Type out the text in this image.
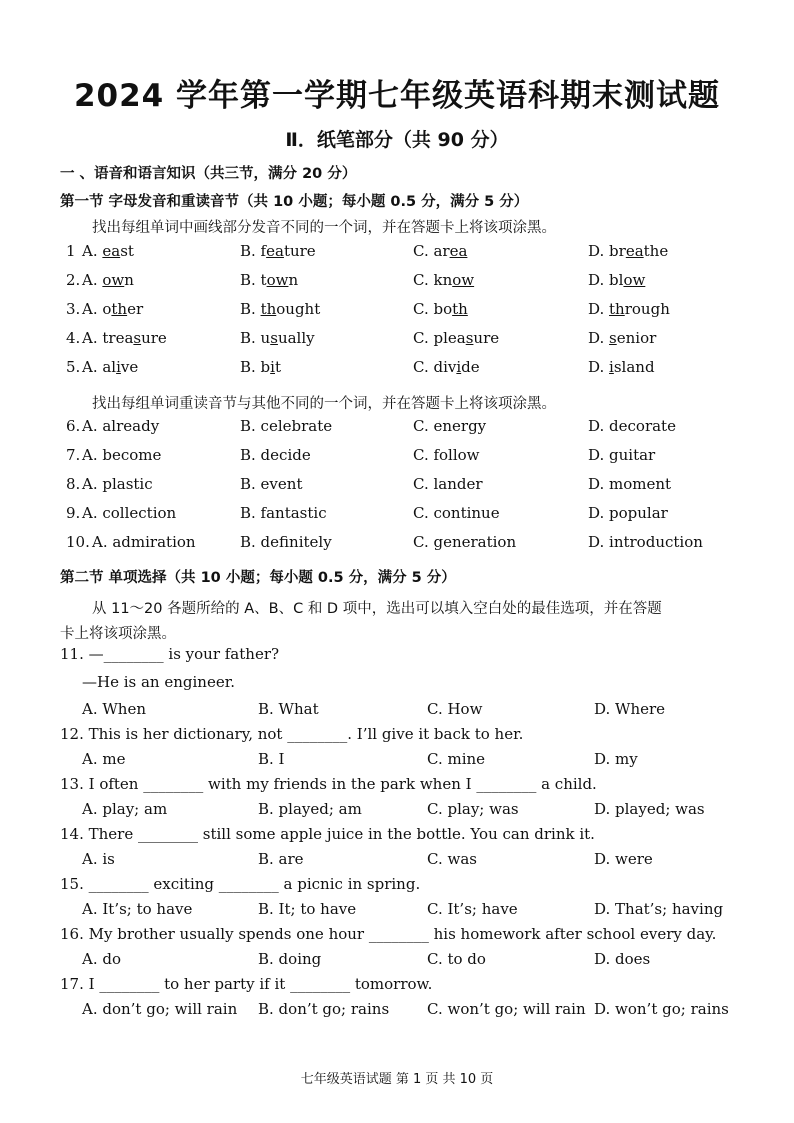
2024 学年第一学期七年级英语科期末测试题
Ⅱ．纸笔部分（共 90 分）
一 、语音和语言知识（共三节，满分 20 分）
第一节 字母发音和重读音节（共 10 小题；每小题 0.5 分，满分 5 分）
找出每组单词中画线部分发音不同的一个词，并在答题卡上将该项涂黑。
1 A. east	B. feature	C. area	D. breathe
2. A. own	B. town	C. know	D. blow
3. A. other	B. thought	C. both	D. through
4. A. treasure	B. usually	C. pleasure	D. senior
5. A. alive	B. bit	C. divide	D. island
找出每组单词重读音节与其他不同的一个词，并在答题卡上将该项涂黑。
6. A. already	B. celebrate	C. energy	D. decorate
7. A. become	B. decide	C. follow	D. guitar
8. A. plastic	B. event	C. lander	D. moment
9. A. collection	B. fantastic	C. continue	D. popular
10. A. admiration	B. definitely	C. generation	D. introduction
第二节 单项选择（共 10 小题；每小题 0.5 分，满分 5 分）
从 11～20 各题所给的 A、B、C 和 D 项中，选出可以填入空白处的最佳选项，并在答题
卡上将该项涂黑。
11. —________ is your father?
—He is an engineer.
A. When	B. What	C. How	D. Where
12. This is her dictionary, not ________. I’ll give it back to her.
A. me	B. I	C. mine	D. my
13. I often ________ with my friends in the park when I ________ a child.
A. play; am	B. played; am	C. play; was	D. played; was
14. There ________ still some apple juice in the bottle. You can drink it.
A. is	B. are	C. was	D. were
15. ________ exciting ________ a picnic in spring.
A. It’s; to have	B. It; to have	C. It’s; have	D. That’s; having
16. My brother usually spends one hour ________ his homework after school every day.
A. do	B. doing	C. to do	D. does
17. I ________ to her party if it ________ tomorrow.
A. don’t go; will rain B. don’t go; rains	C. won’t go; will rain D. won’t go; rains
七年级英语试题 第 1 页 共 10 页
